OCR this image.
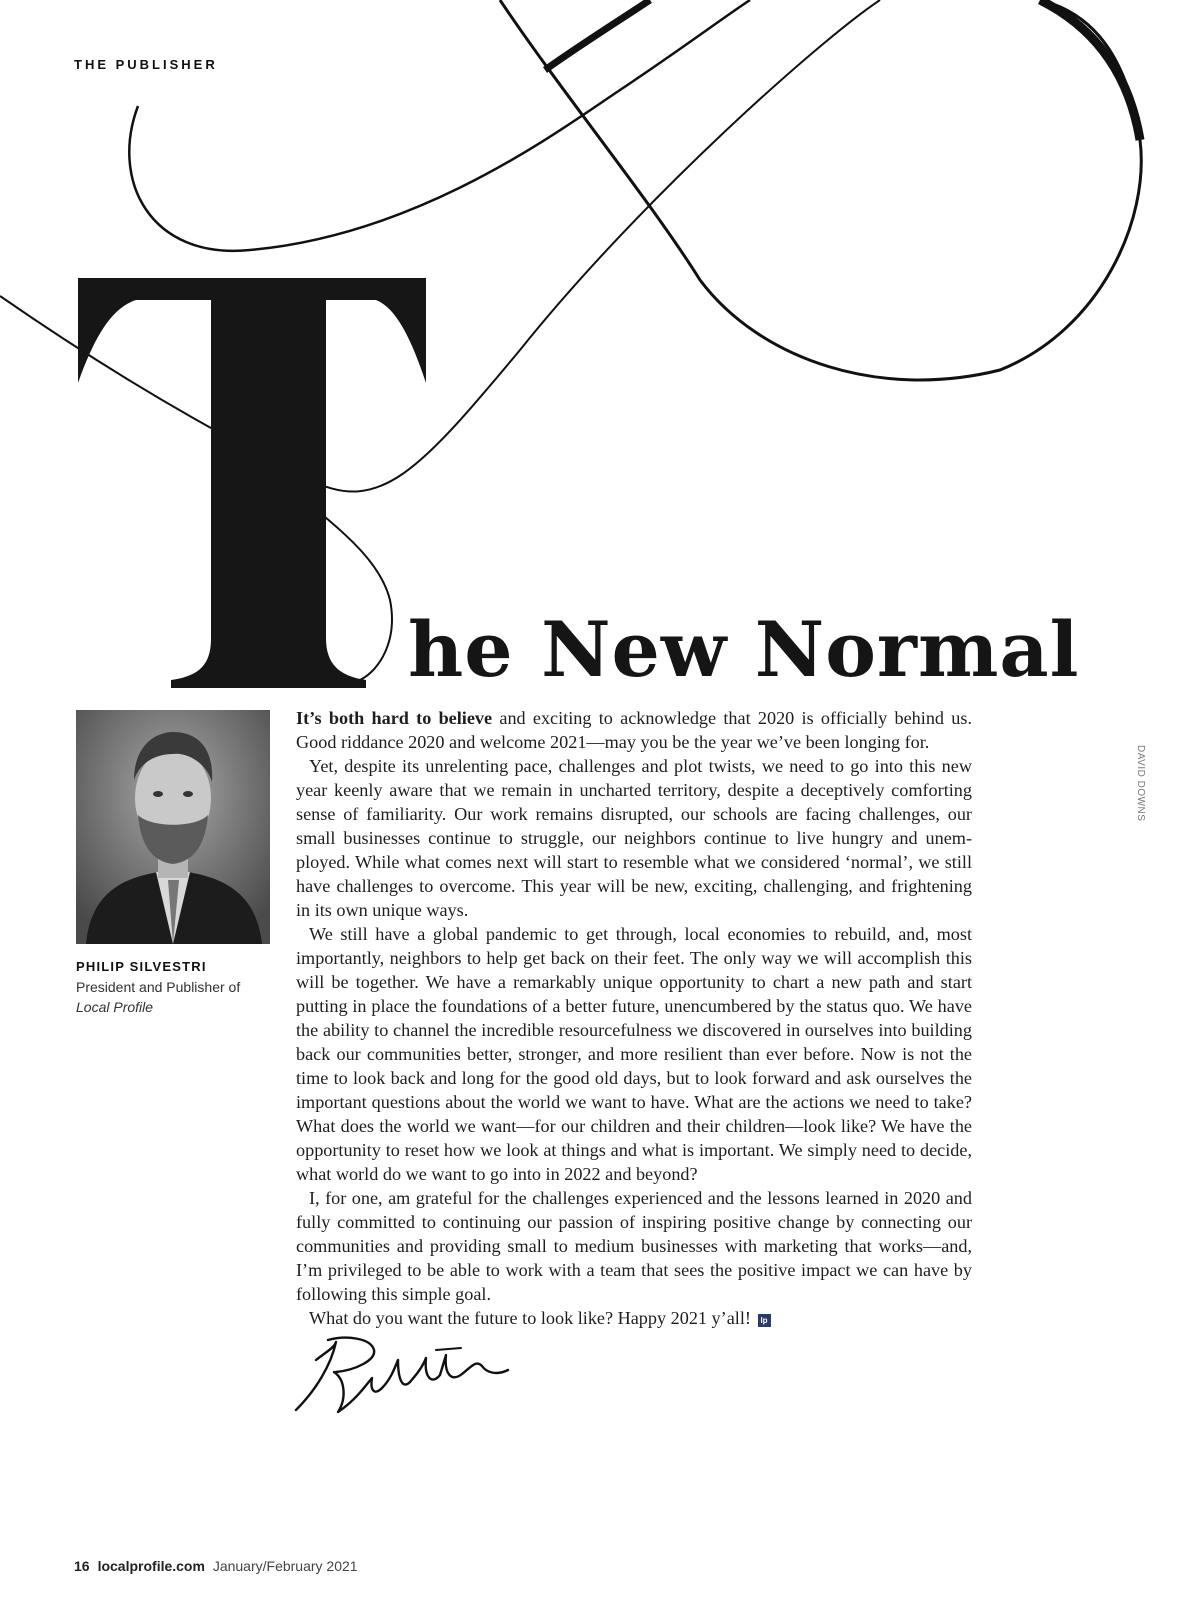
THE PUBLISHER
he New Normal
PHILIP SILVESTRI
President and Publisher of
Local Profile
DAVID DOWNS

It’s both hard to believe and exciting to acknowledge that 2020 is officially behind us. Good riddance 2020 and welcome 2021—may you be the year we’ve been longing for.

Yet, despite its unrelenting pace, challenges and plot twists, we need to go into this new year keenly aware that we remain in uncharted territory, despite a deceptively comforting sense of familiarity. Our work remains disrupted, our schools are facing challenges, our small businesses continue to struggle, our neighbors continue to live hungry and unemployed. While what comes next will start to resemble what we considered ‘normal’, we still have challenges to overcome. This year will be new, exciting, challenging, and frightening in its own unique ways.

We still have a global pandemic to get through, local economies to rebuild, and, most importantly, neighbors to help get back on their feet. The only way we will accomplish this will be together. We have a remarkably unique opportunity to chart a new path and start putting in place the foundations of a better future, unencumbered by the status quo. We have the ability to channel the incredible resourcefulness we discovered in ourselves into building back our communities better, stronger, and more resilient than ever before. Now is not the time to look back and long for the good old days, but to look forward and ask ourselves the important questions about the world we want to have. What are the actions we need to take? What does the world we want—for our children and their children—look like? We have the opportunity to reset how we look at things and what is important. We simply need to decide, what world do we want to go into in 2022 and beyond?

I, for one, am grateful for the challenges experienced and the lessons learned in 2020 and fully committed to continuing our passion of inspiring positive change by connecting our communities and providing small to medium businesses with marketing that works—and, I’m privileged to be able to work with a team that sees the positive impact we can have by following this simple goal.

What do you want the future to look like? Happy 2021 y’all! lp

16 localprofile.com January/February 2021
